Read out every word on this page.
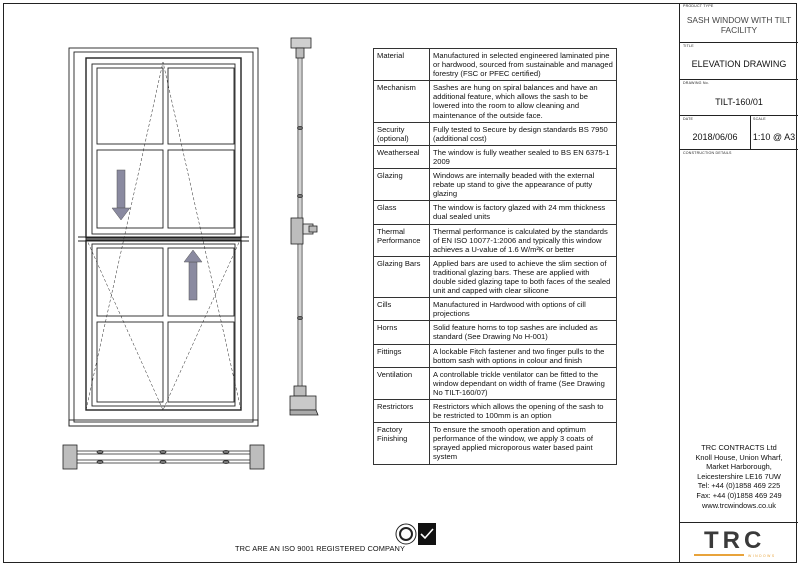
Material	Manufactured in selected engineered laminated pine or hardwood, sourced from sustainable and managed forestry (FSC or PFEC certified)
Mechanism	Sashes are hung on spiral balances and have an additional feature, which allows the sash to be lowered into the room to allow cleaning and maintenance of the outside face.
Security (optional)	Fully tested to Secure by design standards BS 7950 (additional cost)
Weatherseal	The window is fully weather sealed to BS EN 6375-1 2009
Glazing	Windows are internally beaded with the external rebate up stand to give the appearance of putty glazing
Glass	The window is factory glazed with 24 mm thickness dual sealed units
Thermal Performance	Thermal performance is calculated by the standards of EN ISO 10077-1:2006 and typically this window achieves a U-value of 1.6 W/m²K or better
Glazing Bars	Applied bars are used to achieve the slim section of traditional glazing bars. These are applied with double sided glazing tape to both faces of the sealed unit and capped with clear silicone
Cills	Manufactured in Hardwood with options of cill projections
Horns	Solid feature horns to top sashes are included as standard (See Drawing No H-001)
Fittings	A lockable Fitch fastener and two finger pulls to the bottom sash with options in colour and finish
Ventilation	A controllable trickle ventilator can be fitted to the window dependant on width of frame (See Drawing No TILT-160/07)
Restrictors	Restrictors which allows the opening of the sash to be restricted to 100mm is an option
Factory Finishing	To ensure the smooth operation and optimum performance of the window, we apply 3 coats of sprayed applied microporous water based paint system
TRC ARE AN ISO 9001 REGISTERED COMPANY
PRODUCT TYPE
SASH WINDOW WITH TILT FACILITY
TITLE
ELEVATION DRAWING
DRAWING No.
TILT-160/01
DATE	SCALE
2018/06/06	1:10 @ A3
CONSTRUCTION DETAILS
TRC CONTRACTS Ltd
Knoll House, Union Wharf,
Market Harborough,
Leicestershire LE16 7UW
Tel: +44 (0)1858 469 225
Fax: +44 (0)1858 469 249
www.trcwindows.co.uk
TRC
WINDOWS
